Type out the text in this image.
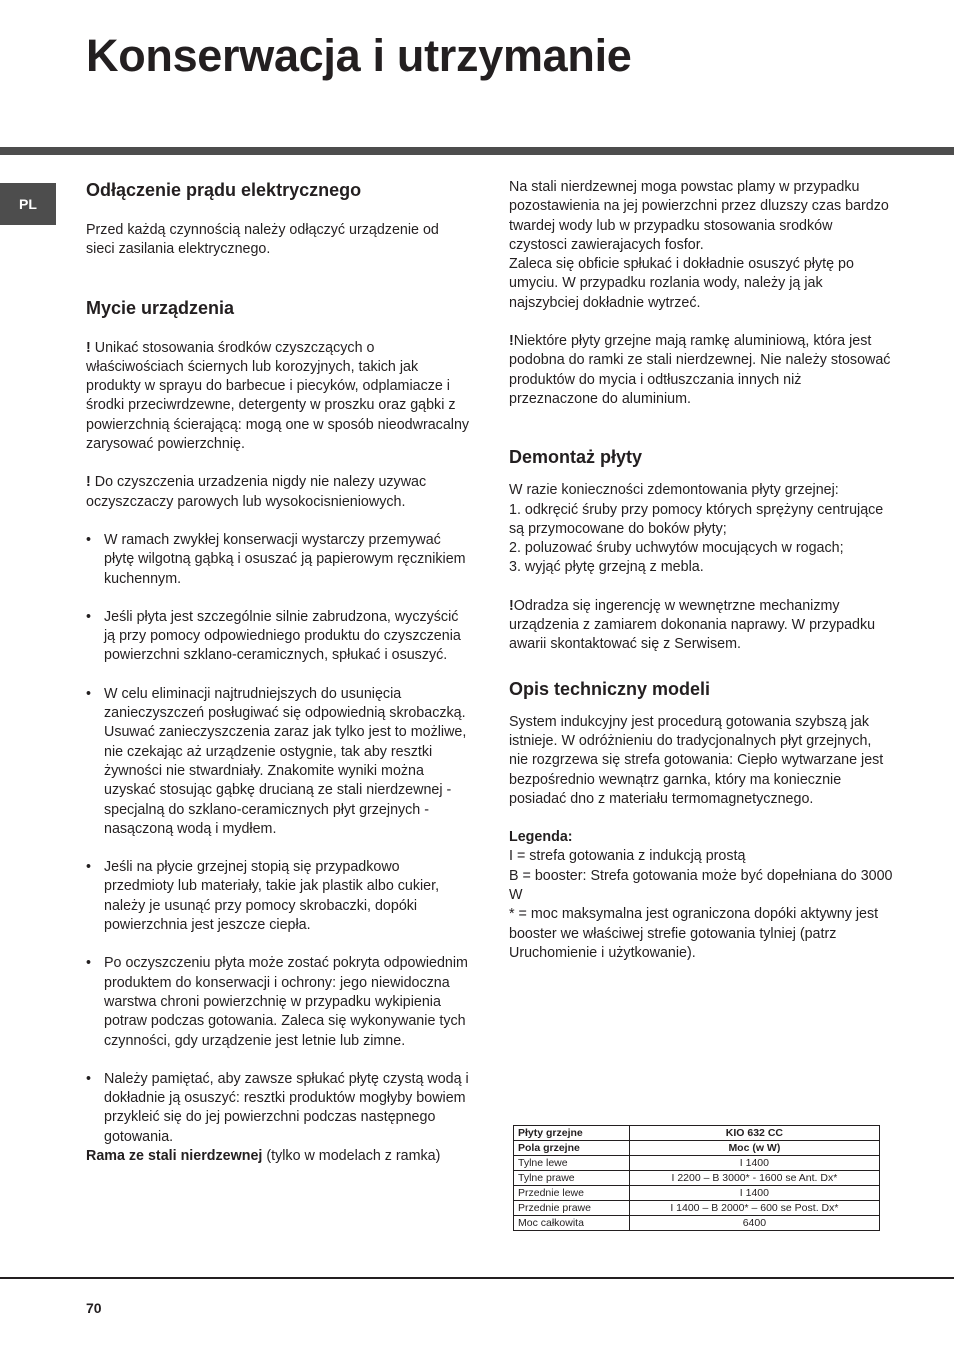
Konserwacja i utrzymanie
PL
Odłączenie prądu elektrycznego

Przed każdą czynnością należy odłączyć urządzenie od sieci zasilania elektrycznego.

Mycie urządzenia

! Unikać stosowania środków czyszczących o właściwościach ściernych lub korozyjnych, takich jak produkty w sprayu do barbecue i piecyków, odplamiacze i środki przeciwrdzewne, detergenty w proszku oraz gąbki z powierzchnią ścierającą: mogą one w sposób nieodwracalny zarysować powierzchnię.

! Do czyszczenia urzadzenia nigdy nie nalezy uzywac oczyszczaczy parowych lub wysokocisnieniowych.

• W ramach zwykłej konserwacji wystarczy przemywać płytę wilgotną gąbką i osuszać ją papierowym ręcznikiem kuchennym.
• Jeśli płyta jest szczególnie silnie zabrudzona, wyczyścić ją przy pomocy odpowiedniego produktu do czyszczenia powierzchni szklano-ceramicznych, spłukać i osuszyć.
• W celu eliminacji najtrudniejszych do usunięcia zanieczyszczeń posługiwać się odpowiednią skrobaczką. Usuwać zanieczyszczenia zaraz jak tylko jest to możliwe, nie czekając aż urządzenie ostygnie, tak aby resztki żywności nie stwardniały. Znakomite wyniki można uzyskać stosując gąbkę drucianą ze stali nierdzewnej - specjalną do szklano-ceramicznych płyt grzejnych - nasączoną wodą i mydłem.
• Jeśli na płycie grzejnej stopią się przypadkowo przedmioty lub materiały, takie jak plastik albo cukier, należy je usunąć przy pomocy skrobaczki, dopóki powierzchnia jest jeszcze ciepła.
• Po oczyszczeniu płyta może zostać pokryta odpowiednim produktem do konserwacji i ochrony: jego niewidoczna warstwa chroni powierzchnię w przypadku wykipienia potraw podczas gotowania. Zaleca się wykonywanie tych czynności, gdy urządzenie jest letnie lub zimne.
• Należy pamiętać, aby zawsze spłukać płytę czystą wodą i dokładnie ją osuszyć: resztki produktów mogłyby bowiem przykleić się do jej powierzchni podczas następnego gotowania.

Rama ze stali nierdzewnej (tylko w modelach z ramka)

Na stali nierdzewnej moga powstac plamy w przypadku pozostawienia na jej powierzchni przez dluzszy czas bardzo twardej wody lub w przypadku stosowania srodków czystosci zawierajacych fosfor.

Zaleca się obficie spłukać i dokładnie osuszyć płytę po umyciu. W przypadku rozlania wody, należy ją jak najszybciej dokładnie wytrzeć.

!Niektóre płyty grzejne mają ramkę aluminiową, która jest podobna do ramki ze stali nierdzewnej. Nie należy stosować produktów do mycia i odtłuszczania innych niż przeznaczone do aluminium.

Demontaż płyty

W razie konieczności zdemontowania płyty grzejnej:

1. odkręcić śruby przy pomocy których sprężyny centrujące są przymocowane do boków płyty;

2. poluzować śruby uchwytów mocujących w rogach;

3. wyjąć płytę grzejną z mebla.

!Odradza się ingerencję w wewnętrzne mechanizmy urządzenia z zamiarem dokonania naprawy. W przypadku awarii skontaktować się z Serwisem.

Opis techniczny modeli

System indukcyjny jest procedurą gotowania szybszą jak istnieje. W odróżnieniu do tradycjonalnych płyt grzejnych, nie rozgrzewa się strefa gotowania: Ciepło wytwarzane jest bezpośrednio wewnątrz garnka, który ma koniecznie posiadać dno z materiału termomagnetycznego.

Legenda:

I = strefa gotowania z indukcją prostą

B = booster: Strefa gotowania może być dopełniana do 3000 W

* = moc maksymalna jest ograniczona dopóki aktywny jest booster we właściwej strefie gotowania tylniej (patrz Uruchomienie i użytkowanie).

Płyty grzejne	KIO 632 CC
Pola grzejne	Moc (w W)
Tylne lewe	I 1400
Tylne prawe	I 2200 – B 3000* - 1600 se Ant. Dx*
Przednie lewe	I 1400
Przednie prawe	I 1400 – B 2000* – 600 se Post. Dx*
Moc całkowita	6400
70
